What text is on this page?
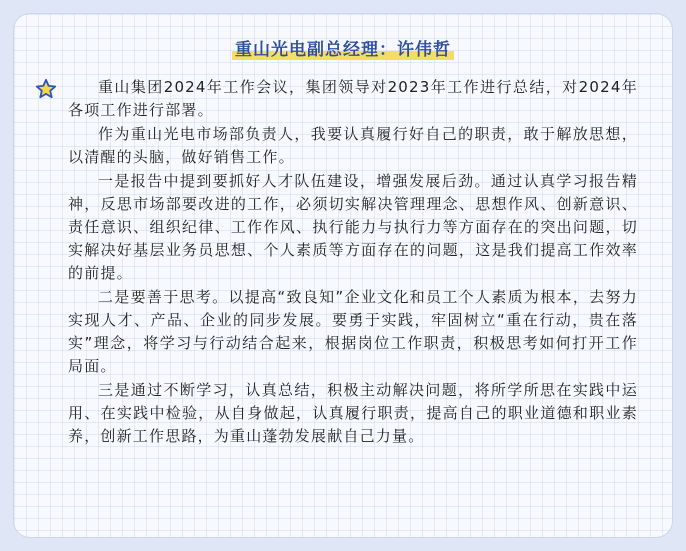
重山光电副总经理：许伟哲

重山集团2024年工作会议，集团领导对2023年工作进行总结，对2024年各项工作进行部署。

作为重山光电市场部负责人，我要认真履行好自己的职责，敢于解放思想，以清醒的头脑，做好销售工作。

一是报告中提到要抓好人才队伍建设，增强发展后劲。通过认真学习报告精神，反思市场部要改进的工作，必须切实解决管理理念、思想作风、创新意识、责任意识、组织纪律、工作作风、执行能力与执行力等方面存在的突出问题，切实解决好基层业务员思想、个人素质等方面存在的问题，这是我们提高工作效率的前提。

二是要善于思考。以提高“致良知”企业文化和员工个人素质为根本，去努力实现人才、产品、企业的同步发展。要勇于实践，牢固树立“重在行动，贵在落实”理念，将学习与行动结合起来，根据岗位工作职责，积极思考如何打开工作局面。

三是通过不断学习，认真总结，积极主动解决问题，将所学所思在实践中运用、在实践中检验，从自身做起，认真履行职责，提高自己的职业道德和职业素养，创新工作思路，为重山蓬勃发展献自己力量。
